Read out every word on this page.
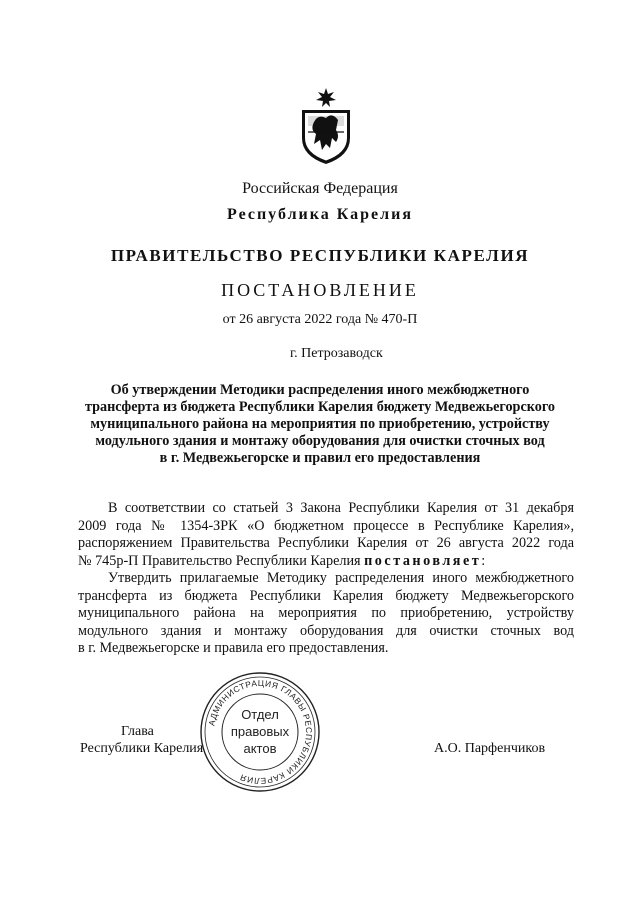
Российская Федерация
Республика Карелия
ПРАВИТЕЛЬСТВО РЕСПУБЛИКИ КАРЕЛИЯ
ПОСТАНОВЛЕНИЕ
от 26 августа 2022 года № 470-П
г. Петрозаводск
Об утверждении Методики распределения иного межбюджетного
трансферта из бюджета Республики Карелия бюджету Медвежьегорского
муниципального района на мероприятия по приобретению, устройству
модульного здания и монтажу оборудования для очистки сточных вод
в г. Медвежьегорске и правил его предоставления
В соответствии со статьей 3 Закона Республики Карелия от 31 декабря
2009 года № 1354-ЗРК «О бюджетном процессе в Республике Карелия»,
распоряжением Правительства Республики Карелия от 26 августа 2022 года
№ 745р-П Правительство Республики Карелия постановляет:
Утвердить прилагаемые Методику распределения иного межбюджетного
трансферта из бюджета Республики Карелия бюджету Медвежьегорского
муниципального района на мероприятия по приобретению, устройству
модульного здания и монтажу оборудования для очистки сточных вод
в г. Медвежьегорске и правила его предоставления.
Глава
Республики Карелия	А.О. Парфенчиков
АДМИНИСТРАЦИЯ ГЛАВЫ РЕСПУБЛИКИ КАРЕЛИЯ
Отдел
правовых
актов
